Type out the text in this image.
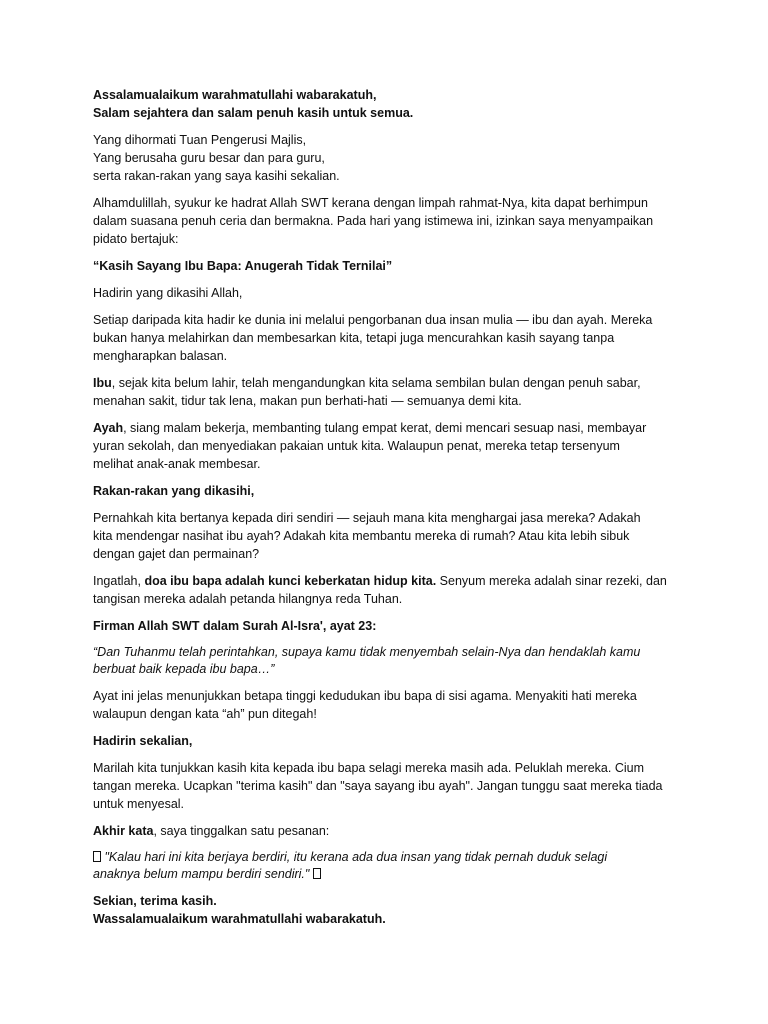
Assalamualaikum warahmatullahi wabarakatuh,
Salam sejahtera dan salam penuh kasih untuk semua.

Yang dihormati Tuan Pengerusi Majlis,
Yang berusaha guru besar dan para guru,
serta rakan-rakan yang saya kasihi sekalian.

Alhamdulillah, syukur ke hadrat Allah SWT kerana dengan limpah rahmat-Nya, kita dapat berhimpun
dalam suasana penuh ceria dan bermakna. Pada hari yang istimewa ini, izinkan saya menyampaikan
pidato bertajuk:

“Kasih Sayang Ibu Bapa: Anugerah Tidak Ternilai”

Hadirin yang dikasihi Allah,

Setiap daripada kita hadir ke dunia ini melalui pengorbanan dua insan mulia — ibu dan ayah. Mereka
bukan hanya melahirkan dan membesarkan kita, tetapi juga mencurahkan kasih sayang tanpa
mengharapkan balasan.

Ibu, sejak kita belum lahir, telah mengandungkan kita selama sembilan bulan dengan penuh sabar,
menahan sakit, tidur tak lena, makan pun berhati-hati — semuanya demi kita.

Ayah, siang malam bekerja, membanting tulang empat kerat, demi mencari sesuap nasi, membayar
yuran sekolah, dan menyediakan pakaian untuk kita. Walaupun penat, mereka tetap tersenyum
melihat anak-anak membesar.

Rakan-rakan yang dikasihi,

Pernahkah kita bertanya kepada diri sendiri — sejauh mana kita menghargai jasa mereka? Adakah
kita mendengar nasihat ibu ayah? Adakah kita membantu mereka di rumah? Atau kita lebih sibuk
dengan gajet dan permainan?

Ingatlah, doa ibu bapa adalah kunci keberkatan hidup kita. Senyum mereka adalah sinar rezeki, dan
tangisan mereka adalah petanda hilangnya reda Tuhan.

Firman Allah SWT dalam Surah Al-Isra', ayat 23:

“Dan Tuhanmu telah perintahkan, supaya kamu tidak menyembah selain-Nya dan hendaklah kamu
berbuat baik kepada ibu bapa…”

Ayat ini jelas menunjukkan betapa tinggi kedudukan ibu bapa di sisi agama. Menyakiti hati mereka
walaupun dengan kata “ah” pun ditegah!

Hadirin sekalian,

Marilah kita tunjukkan kasih kita kepada ibu bapa selagi mereka masih ada. Peluklah mereka. Cium
tangan mereka. Ucapkan "terima kasih" dan "saya sayang ibu ayah". Jangan tunggu saat mereka tiada
untuk menyesal.

Akhir kata, saya tinggalkan satu pesanan:

"Kalau hari ini kita berjaya berdiri, itu kerana ada dua insan yang tidak pernah duduk selagi
anaknya belum mampu berdiri sendiri."

Sekian, terima kasih.
Wassalamualaikum warahmatullahi wabarakatuh.
